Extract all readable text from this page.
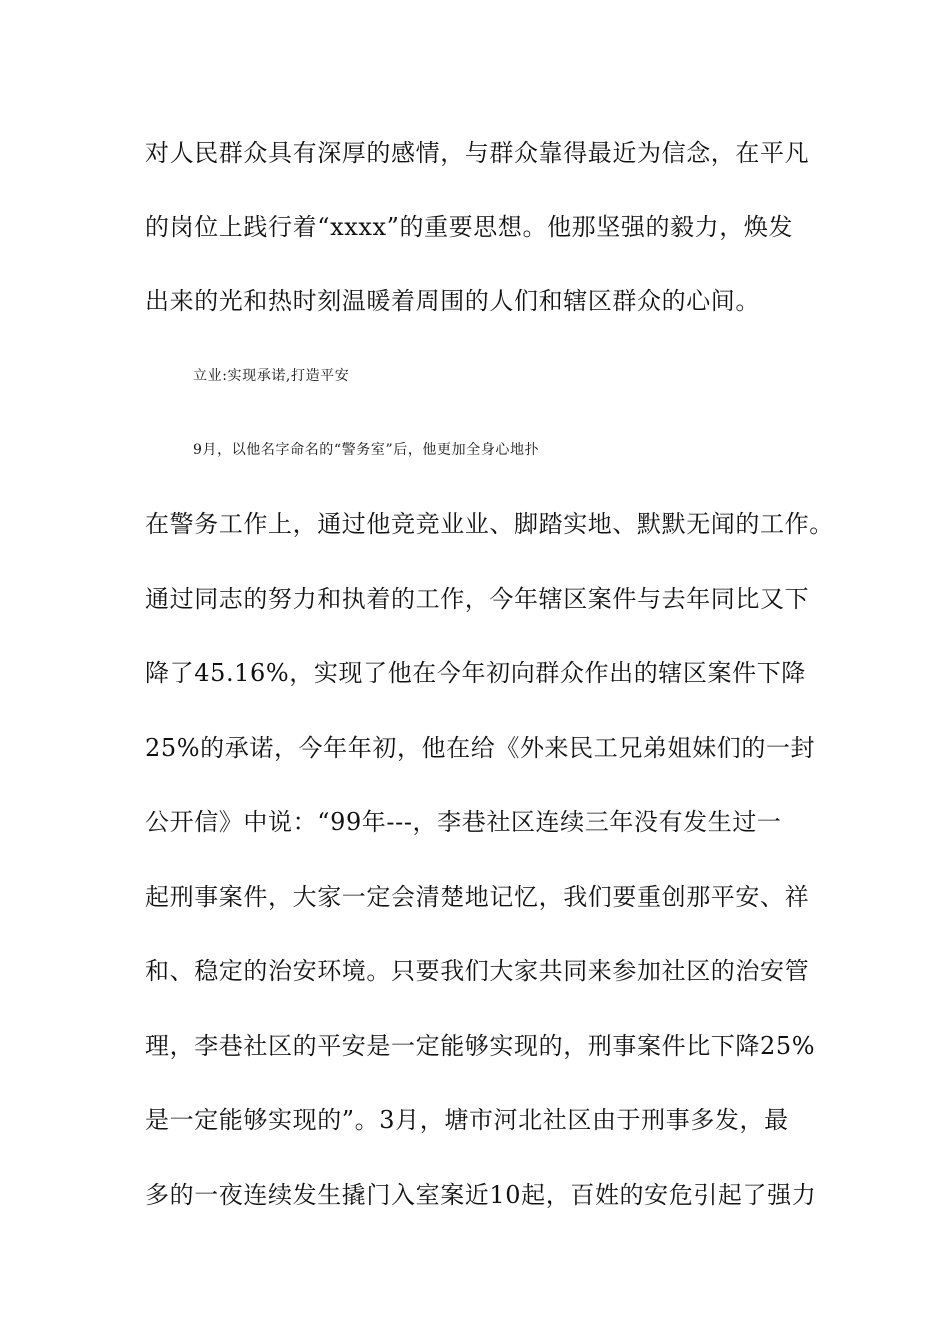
对人民群众具有深厚的感情，与群众靠得最近为信念，在平凡
的岗位上践行着“xxxx”的重要思想。他那坚强的毅力，焕发
出来的光和热时刻温暖着周围的人们和辖区群众的心间。
立业:实现承诺,打造平安
9月，以他名字命名的“警务室”后，他更加全身心地扑
在警务工作上，通过他竞竞业业、脚踏实地、默默无闻的工作。
通过同志的努力和执着的工作，今年辖区案件与去年同比又下
降了45.16%，实现了他在今年初向群众作出的辖区案件下降
25%的承诺，今年年初，他在给《外来民工兄弟姐妹们的一封
公开信》中说：“99年---，李巷社区连续三年没有发生过一
起刑事案件，大家一定会清楚地记忆，我们要重创那平安、祥
和、稳定的治安环境。只要我们大家共同来参加社区的治安管
理，李巷社区的平安是一定能够实现的，刑事案件比下降25%
是一定能够实现的”。3月，塘市河北社区由于刑事多发，最
多的一夜连续发生撬门入室案近10起，百姓的安危引起了强力
